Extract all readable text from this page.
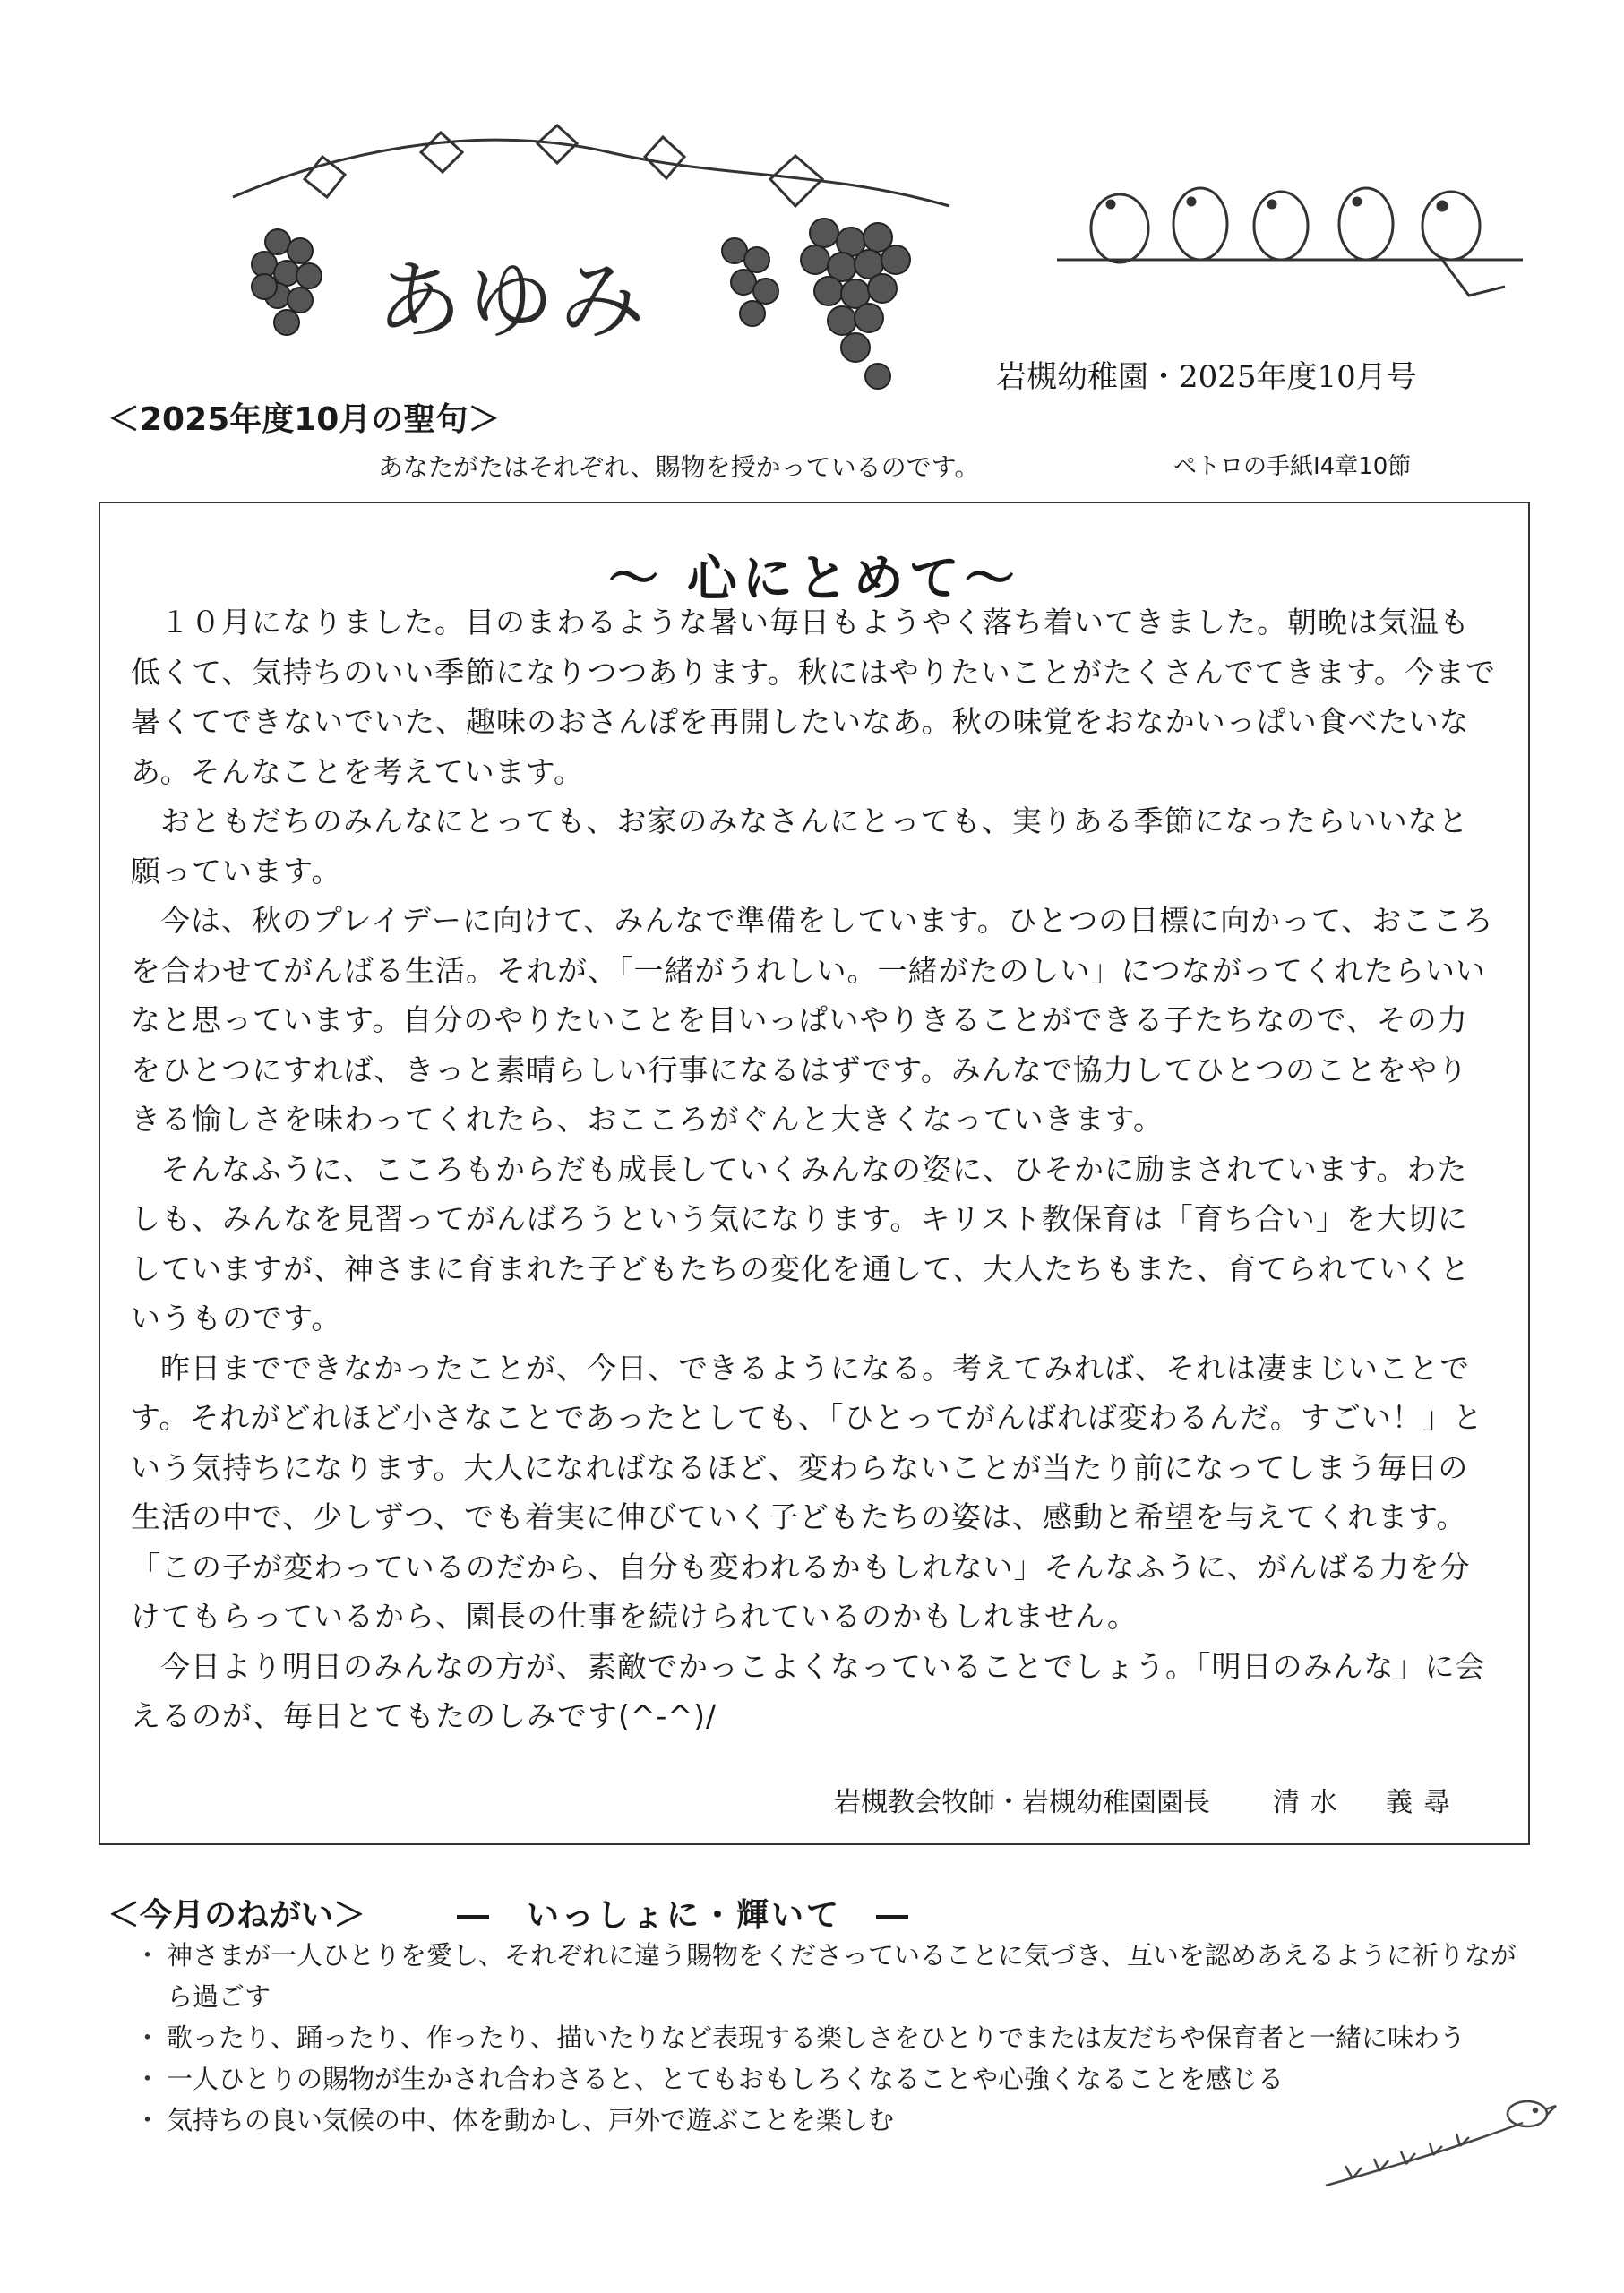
あゆみ
岩槻幼稚園・2025年度10月号
＜2025年度10月の聖句＞
あなたがたはそれぞれ、賜物を授かっているのです。	ペトロの手紙Ⅰ4章10節
～ 心にとめて～

１０月になりました。目のまわるような暑い毎日もようやく落ち着いてきました。朝晩は気温も低くて、気持ちのいい季節になりつつあります。秋にはやりたいことがたくさんでてきます。今まで暑くてできないでいた、趣味のおさんぽを再開したいなあ。秋の味覚をおなかいっぱい食べたいなあ。そんなことを考えています。

おともだちのみんなにとっても、お家のみなさんにとっても、実りある季節になったらいいなと願っています。

今は、秋のプレイデーに向けて、みんなで準備をしています。ひとつの目標に向かって、おこころを合わせてがんばる生活。それが、「一緒がうれしい。一緒がたのしい」につながってくれたらいいなと思っています。自分のやりたいことを目いっぱいやりきることができる子たちなので、その力をひとつにすれば、きっと素晴らしい行事になるはずです。みんなで協力してひとつのことをやりきる愉しさを味わってくれたら、おこころがぐんと大きくなっていきます。

そんなふうに、こころもからだも成長していくみんなの姿に、ひそかに励まされています。わたしも、みんなを見習ってがんばろうという気になります。キリスト教保育は「育ち合い」を大切にしていますが、神さまに育まれた子どもたちの変化を通して、大人たちもまた、育てられていくというものです。

昨日までできなかったことが、今日、できるようになる。考えてみれば、それは凄まじいことです。それがどれほど小さなことであったとしても、「ひとってがんばれば変わるんだ。すごい！」という気持ちになります。大人になればなるほど、変わらないことが当たり前になってしまう毎日の生活の中で、少しずつ、でも着実に伸びていく子どもたちの姿は、感動と希望を与えてくれます。「この子が変わっているのだから、自分も変われるかもしれない」そんなふうに、がんばる力を分けてもらっているから、園長の仕事を続けられているのかもしれません。

今日より明日のみんなの方が、素敵でかっこよくなっていることでしょう。「明日のみんな」に会えるのが、毎日とてもたのしみです(^-^)/

岩槻教会牧師・岩槻幼稚園園長 清水　義尋
＜今月のねがい＞	―　いっしょに・輝いて　―
・ 神さまが一人ひとりを愛し、それぞれに違う賜物をくださっていることに気づき、互いを認めあえるように祈りながら過ごす
・ 歌ったり、踊ったり、作ったり、描いたりなど表現する楽しさをひとりでまたは友だちや保育者と一緒に味わう
・ 一人ひとりの賜物が生かされ合わさると、とてもおもしろくなることや心強くなることを感じる
・ 気持ちの良い気候の中、体を動かし、戸外で遊ぶことを楽しむ
